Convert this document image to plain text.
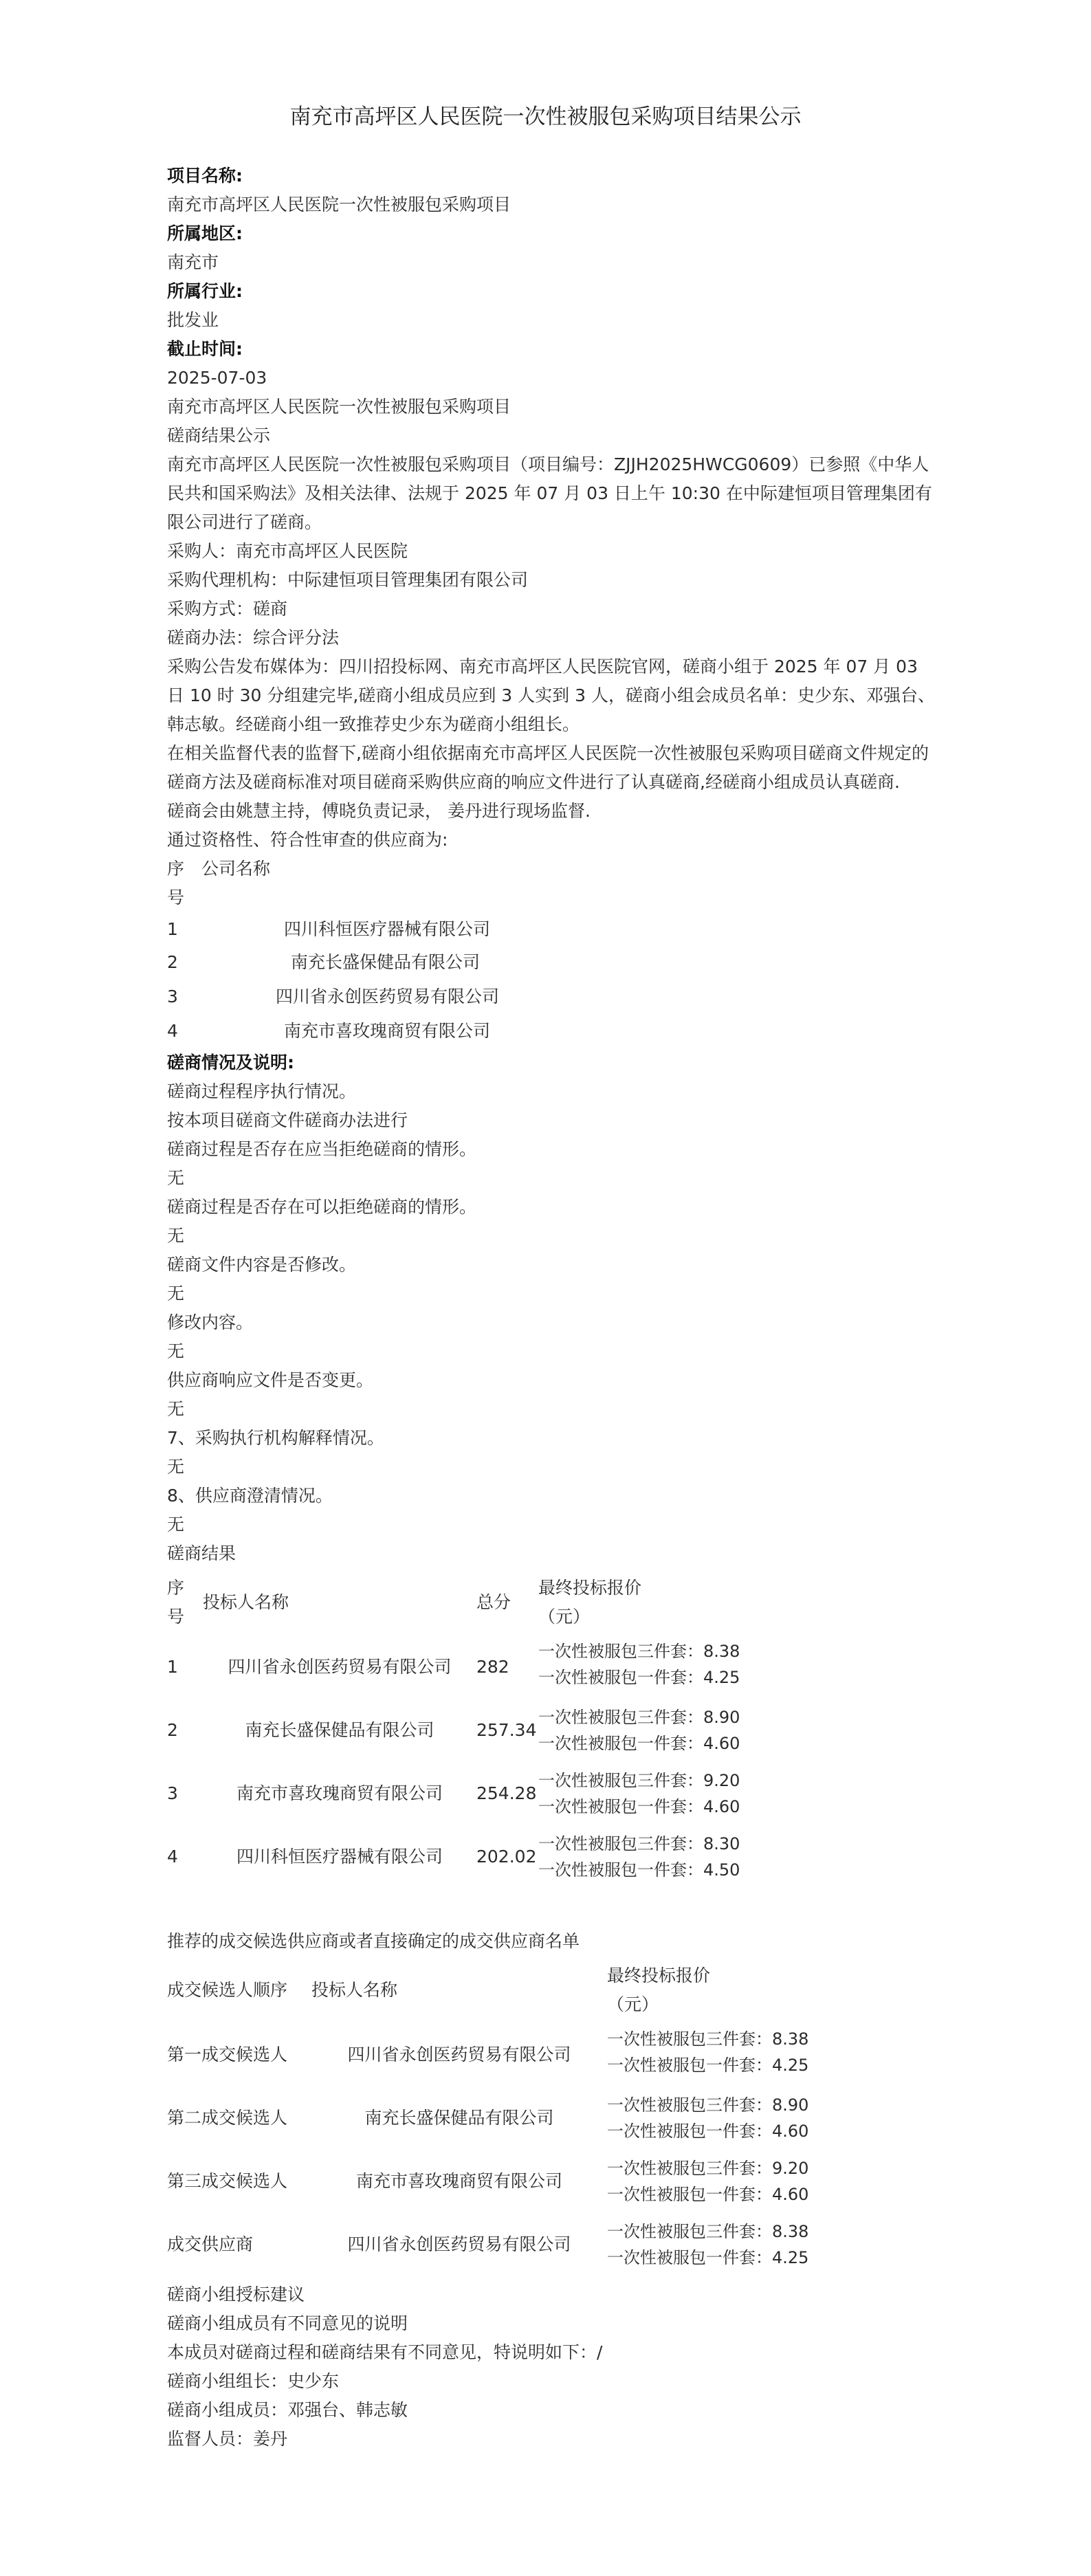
南充市高坪区人民医院一次性被服包采购项目结果公示
项目名称:
南充市高坪区人民医院一次性被服包采购项目
所属地区:
南充市
所属行业:
批发业
截止时间:
2025-07-03
南充市高坪区人民医院一次性被服包采购项目
磋商结果公示
南充市高坪区人民医院一次性被服包采购项目（项目编号：ZJJH2025HWCG0609）已参照《中华人民共和国采购法》及相关法律、法规于 2025 年 07 月 03 日上午 10:30 在中际建恒项目管理集团有限公司进行了磋商。
采购人：南充市高坪区人民医院
采购代理机构：中际建恒项目管理集团有限公司
采购方式：磋商
磋商办法：综合评分法
采购公告发布媒体为：四川招投标网、南充市高坪区人民医院官网，磋商小组于 2025 年 07 月 03 日 10 时 30 分组建完毕,磋商小组成员应到 3 人实到 3 人，磋商小组会成员名单：史少东、邓强台、韩志敏。经磋商小组一致推荐史少东为磋商小组组长。
在相关监督代表的监督下,磋商小组依据南充市高坪区人民医院一次性被服包采购项目磋商文件规定的磋商方法及磋商标准对项目磋商采购供应商的响应文件进行了认真磋商,经磋商小组成员认真磋商.
磋商会由姚慧主持，傅晓负责记录， 姜丹进行现场监督.
通过资格性、符合性审查的供应商为:
序号
公司名称
1	四川科恒医疗器械有限公司
2	南充长盛保健品有限公司
3	四川省永创医药贸易有限公司
4	南充市喜玫瑰商贸有限公司
磋商情况及说明:
磋商过程程序执行情况。
按本项目磋商文件磋商办法进行
磋商过程是否存在应当拒绝磋商的情形。
无
磋商过程是否存在可以拒绝磋商的情形。
无
磋商文件内容是否修改。
无
修改内容。
无
供应商响应文件是否变更。
无
7、采购执行机构解释情况。
无
8、供应商澄清情况。
无
磋商结果
序号
投标人名称	总分
最终投标报价（元）
1	四川省永创医药贸易有限公司	282
一次性被服包三件套：8.38
一次性被服包一件套：4.25
2	南充长盛保健品有限公司	257.34
一次性被服包三件套：8.90
一次性被服包一件套：4.60
3	南充市喜玫瑰商贸有限公司	254.28
一次性被服包三件套：9.20
一次性被服包一件套：4.60
4	四川科恒医疗器械有限公司	202.02
一次性被服包三件套：8.30
一次性被服包一件套：4.50
推荐的成交候选供应商或者直接确定的成交供应商名单
成交候选人顺序	投标人名称
最终投标报价（元）
第一成交候选人	四川省永创医药贸易有限公司
一次性被服包三件套：8.38
一次性被服包一件套：4.25
第二成交候选人	南充长盛保健品有限公司
一次性被服包三件套：8.90
一次性被服包一件套：4.60
第三成交候选人	南充市喜玫瑰商贸有限公司
一次性被服包三件套：9.20
一次性被服包一件套：4.60
成交供应商	四川省永创医药贸易有限公司
一次性被服包三件套：8.38
一次性被服包一件套：4.25
磋商小组授标建议
磋商小组成员有不同意见的说明
本成员对磋商过程和磋商结果有不同意见，特说明如下：/
磋商小组组长：史少东
磋商小组成员：邓强台、韩志敏
监督人员：姜丹
